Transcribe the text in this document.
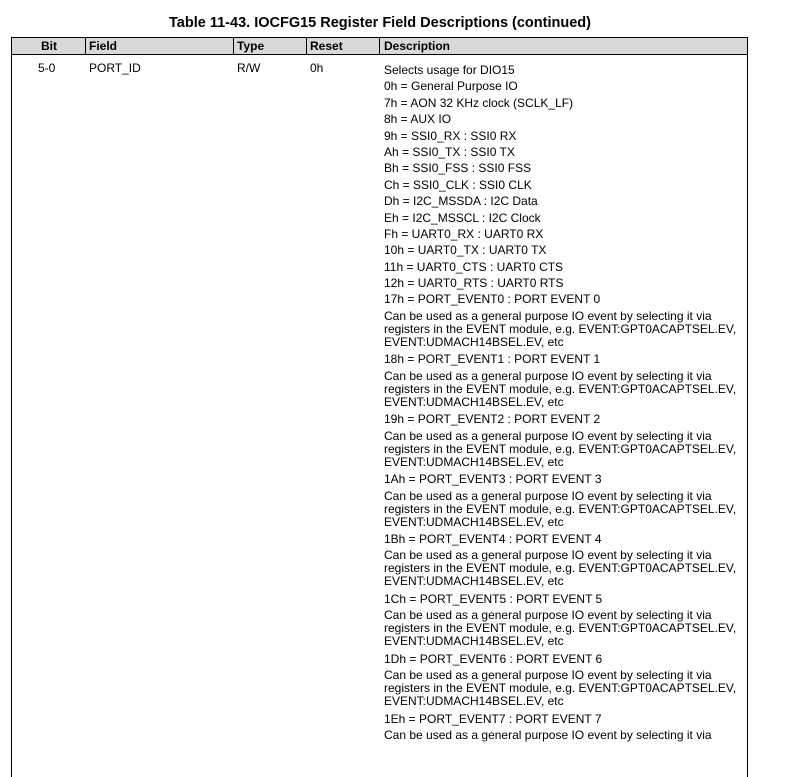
Table 11-43. IOCFG15 Register Field Descriptions (continued)
Bit	Field	Type	Reset	Description
5-0	PORT_ID	R/W	0h	Selects usage for DIO15
0h = General Purpose IO
7h = AON 32 KHz clock (SCLK_LF)
8h = AUX IO
9h = SSI0_RX : SSI0 RX
Ah = SSI0_TX : SSI0 TX
Bh = SSI0_FSS : SSI0 FSS
Ch = SSI0_CLK : SSI0 CLK
Dh = I2C_MSSDA : I2C Data
Eh = I2C_MSSCL : I2C Clock
Fh = UART0_RX : UART0 RX
10h = UART0_TX : UART0 TX
11h = UART0_CTS : UART0 CTS
12h = UART0_RTS : UART0 RTS
17h = PORT_EVENT0 : PORT EVENT 0
Can be used as a general purpose IO event by selecting it via
registers in the EVENT module, e.g. EVENT:GPT0ACAPTSEL.EV,
EVENT:UDMACH14BSEL.EV, etc
18h = PORT_EVENT1 : PORT EVENT 1
Can be used as a general purpose IO event by selecting it via
registers in the EVENT module, e.g. EVENT:GPT0ACAPTSEL.EV,
EVENT:UDMACH14BSEL.EV, etc
19h = PORT_EVENT2 : PORT EVENT 2
Can be used as a general purpose IO event by selecting it via
registers in the EVENT module, e.g. EVENT:GPT0ACAPTSEL.EV,
EVENT:UDMACH14BSEL.EV, etc
1Ah = PORT_EVENT3 : PORT EVENT 3
Can be used as a general purpose IO event by selecting it via
registers in the EVENT module, e.g. EVENT:GPT0ACAPTSEL.EV,
EVENT:UDMACH14BSEL.EV, etc
1Bh = PORT_EVENT4 : PORT EVENT 4
Can be used as a general purpose IO event by selecting it via
registers in the EVENT module, e.g. EVENT:GPT0ACAPTSEL.EV,
EVENT:UDMACH14BSEL.EV, etc
1Ch = PORT_EVENT5 : PORT EVENT 5
Can be used as a general purpose IO event by selecting it via
registers in the EVENT module, e.g. EVENT:GPT0ACAPTSEL.EV,
EVENT:UDMACH14BSEL.EV, etc
1Dh = PORT_EVENT6 : PORT EVENT 6
Can be used as a general purpose IO event by selecting it via
registers in the EVENT module, e.g. EVENT:GPT0ACAPTSEL.EV,
EVENT:UDMACH14BSEL.EV, etc
1Eh = PORT_EVENT7 : PORT EVENT 7
Can be used as a general purpose IO event by selecting it via
